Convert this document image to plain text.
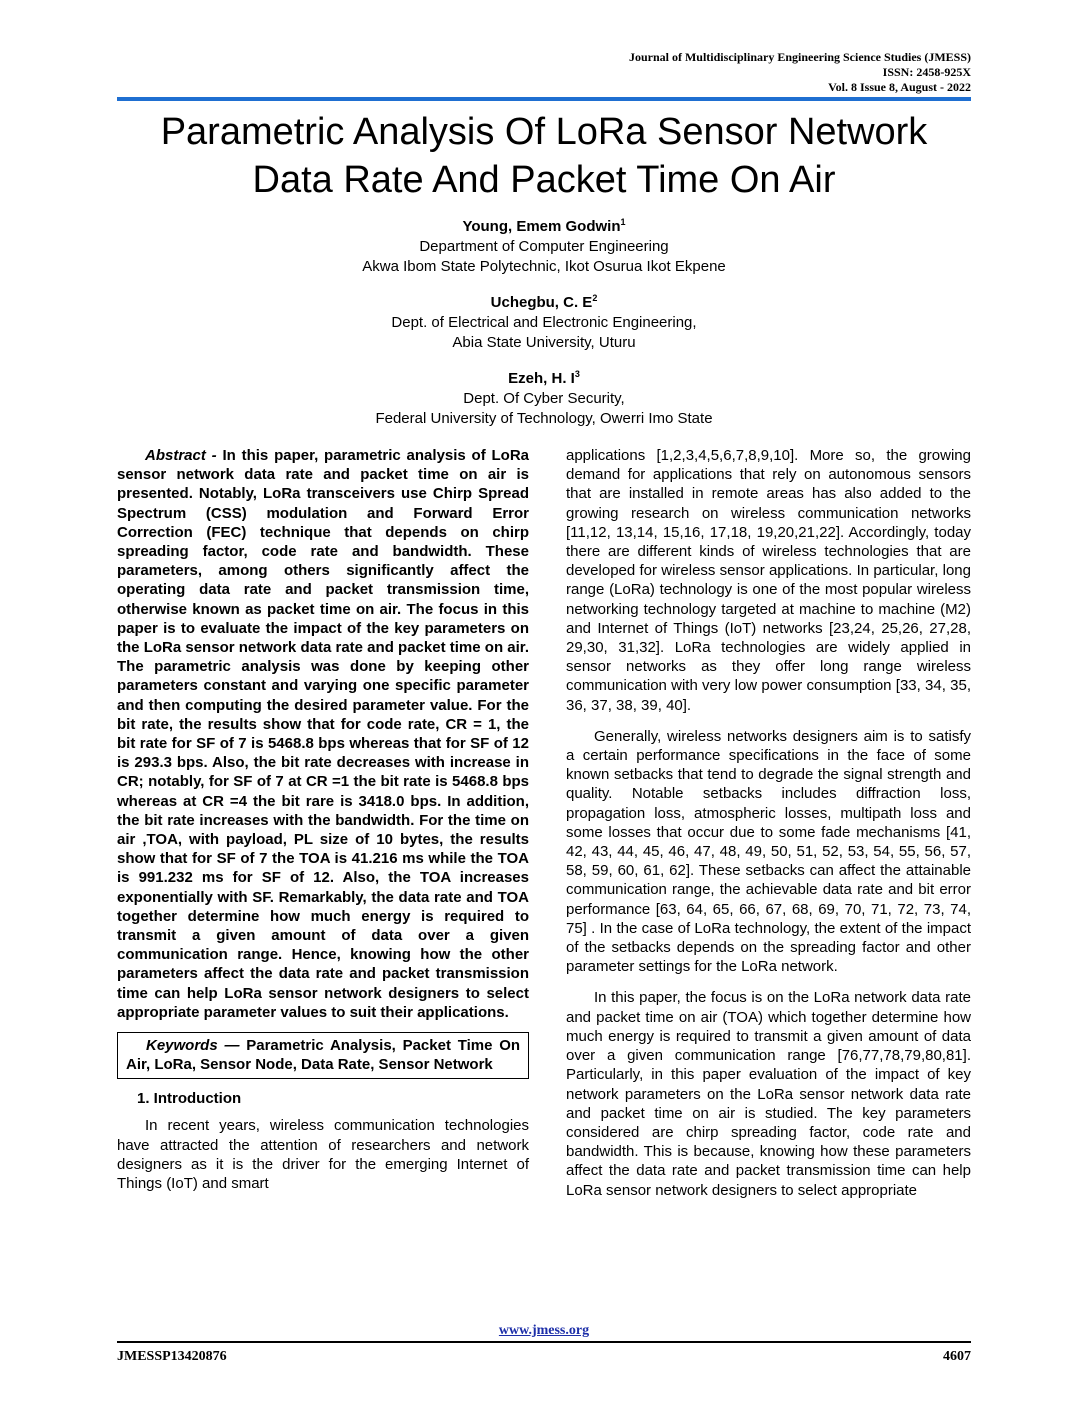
Journal of Multidisciplinary Engineering Science Studies (JMESS)
ISSN: 2458-925X
Vol. 8 Issue 8, August - 2022
Parametric Analysis Of LoRa Sensor Network
Data Rate And Packet Time On Air
Young, Emem Godwin$^1$
Department of Computer Engineering
Akwa Ibom State Polytechnic, Ikot Osurua Ikot Ekpene
Uchegbu, C. $E^2$
Dept. of Electrical and Electronic Engineering,
Abia State University, Uturu
Ezeh, H. $I^3$
Dept. Of Cyber Security,
Federal University of Technology, Owerri Imo State

Abstract - In this paper, parametric analysis of LoRa sensor network data rate and packet time on air is presented. Notably, LoRa transceivers use Chirp Spread Spectrum (CSS) modulation and Forward Error Correction (FEC) technique that depends on chirp spreading factor, code rate and bandwidth. These parameters, among others significantly affect the operating data rate and packet transmission time, otherwise known as packet time on air. The focus in this paper is to evaluate the impact of the key parameters on the LoRa sensor network data rate and packet time on air. The parametric analysis was done by keeping other parameters constant and varying one specific parameter and then computing the desired parameter value. For the bit rate, the results show that for code rate, CR = 1, the bit rate for SF of 7 is 5468.8 bps whereas that for SF of 12 is 293.3 bps. Also, the bit rate decreases with increase in CR; notably, for SF of 7 at CR =1 the bit rate is 5468.8 bps whereas at CR =4 the bit rare is 3418.0 bps. In addition, the bit rate increases with the bandwidth. For the time on air ,TOA, with payload, PL size of 10 bytes, the results show that for SF of 7 the TOA is 41.216 ms while the TOA is 991.232 ms for SF of 12. Also, the TOA increases exponentially with SF. Remarkably, the data rate and TOA together determine how much energy is required to transmit a given amount of data over a given communication range. Hence, knowing how the other parameters affect the data rate and packet transmission time can help LoRa sensor network designers to select appropriate parameter values to suit their applications.

Keywords — Parametric Analysis, Packet Time On Air, LoRa, Sensor Node, Data Rate, Sensor Network

1. Introduction

In recent years, wireless communication technologies have attracted the attention of researchers and network designers as it is the driver for the emerging Internet of Things (IoT) and smart

applications [1,2,3,4,5,6,7,8,9,10]. More so, the growing demand for applications that rely on autonomous sensors that are installed in remote areas has also added to the growing research on wireless communication networks [11,12, 13,14, 15,16, 17,18, 19,20,21,22]. Accordingly, today there are different kinds of wireless technologies that are developed for wireless sensor applications. In particular, long range (LoRa) technology is one of the most popular wireless networking technology targeted at machine to machine (M2) and Internet of Things (IoT) networks [23,24, 25,26, 27,28, 29,30, 31,32]. LoRa technologies are widely applied in sensor networks as they offer long range wireless communication with very low power consumption [33, 34, 35, 36, 37, 38, 39, 40].

Generally, wireless networks designers aim is to satisfy a certain performance specifications in the face of some known setbacks that tend to degrade the signal strength and quality. Notable setbacks includes diffraction loss, propagation loss, atmospheric losses, multipath loss and some losses that occur due to some fade mechanisms [41, 42, 43, 44, 45, 46, 47, 48, 49, 50, 51, 52, 53, 54, 55, 56, 57, 58, 59, 60, 61, 62]. These setbacks can affect the attainable communication range, the achievable data rate and bit error performance [63, 64, 65, 66, 67, 68, 69, 70, 71, 72, 73, 74, 75] . In the case of LoRa technology, the extent of the impact of the setbacks depends on the spreading factor and other parameter settings for the LoRa network.

In this paper, the focus is on the LoRa network data rate and packet time on air (TOA) which together determine how much energy is required to transmit a given amount of data over a given communication range [76,77,78,79,80,81]. Particularly, in this paper evaluation of the impact of key network parameters on the LoRa sensor network data rate and packet time on air is studied. The key parameters considered are chirp spreading factor, code rate and bandwidth. This is because, knowing how these parameters affect the data rate and packet transmission time can help LoRa sensor network designers to select appropriate

www.jmess.org
JMESSP13420876	4607
